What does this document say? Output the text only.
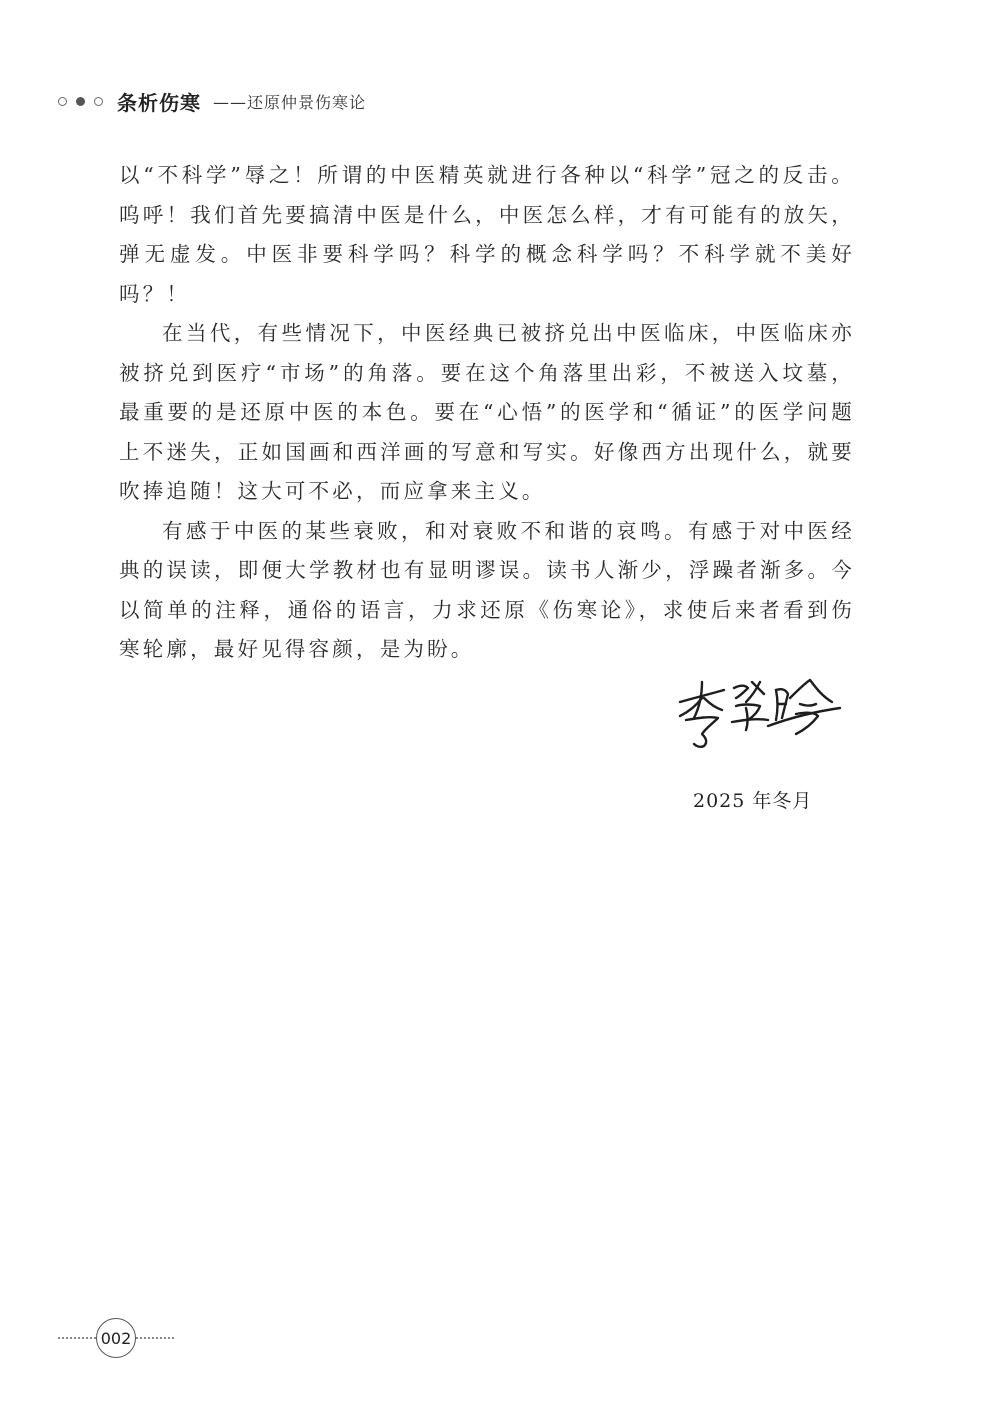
条析伤寒 ——还原仲景伤寒论

以“不科学”辱之！所谓的中医精英就进行各种以“科学”冠之的反击。呜呼！我们首先要搞清中医是什么，中医怎么样，才有可能有的放矢，弹无虚发。中医非要科学吗？科学的概念科学吗？不科学就不美好吗？！

在当代，有些情况下，中医经典已被挤兑出中医临床，中医临床亦被挤兑到医疗“市场”的角落。要在这个角落里出彩，不被送入坟墓，最重要的是还原中医的本色。要在“心悟”的医学和“循证”的医学问题上不迷失，正如国画和西洋画的写意和写实。好像西方出现什么，就要吹捧追随！这大可不必，而应拿来主义。

有感于中医的某些衰败，和对衰败不和谐的哀鸣。有感于对中医经典的误读，即便大学教材也有显明谬误。读书人渐少，浮躁者渐多。今以简单的注释，通俗的语言，力求还原《伤寒论》，求使后来者看到伤寒轮廓，最好见得容颜，是为盼。

2025 年冬月
002
